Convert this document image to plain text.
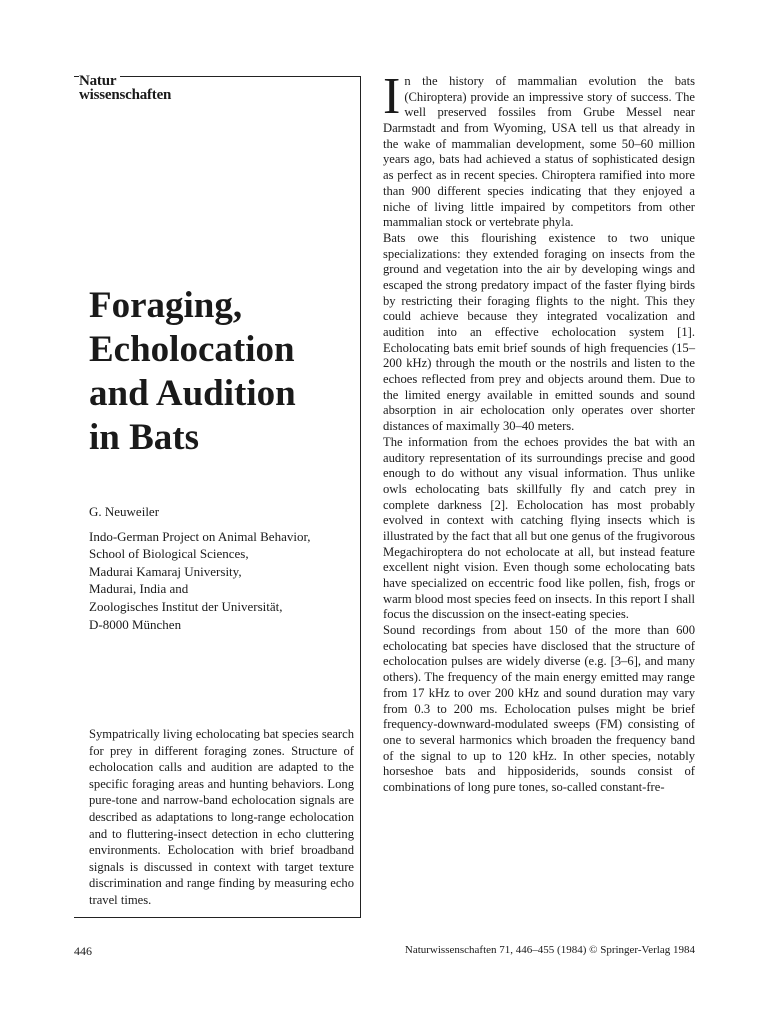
Natur
wissenschaften
Foraging,
Echolocation
and Audition
in Bats
G. Neuweiler
Indo-German Project on Animal Behavior,
School of Biological Sciences,
Madurai Kamaraj University,
Madurai, India and
Zoologisches Institut der Universität,
D-8000 München
Sympatrically living echolocating bat species search for prey in different foraging zones. Structure of echolocation calls and audition are adapted to the specific foraging areas and hunting behaviors. Long pure-tone and narrow-band echolocation signals are described as adaptations to long-range echolocation and to fluttering-insect detection in echo cluttering environments. Echolocation with brief broadband signals is discussed in context with target texture discrimination and range finding by measuring echo travel times.

In the history of mammalian evolution the bats (Chiroptera) provide an impressive story of success. The well preserved fossiles from Grube Messel near Darmstadt and from Wyoming, USA tell us that already in the wake of mammalian development, some 50–60 million years ago, bats had achieved a status of sophisticated design as perfect as in recent species. Chiroptera ramified into more than 900 different species indicating that they enjoyed a niche of living little impaired by competitors from other mammalian stock or vertebrate phyla.

Bats owe this flourishing existence to two unique specializations: they extended foraging on insects from the ground and vegetation into the air by developing wings and escaped the strong predatory impact of the faster flying birds by restricting their foraging flights to the night. This they could achieve because they integrated vocalization and audition into an effective echolocation system [1]. Echolocating bats emit brief sounds of high frequencies (15–200 kHz) through the mouth or the nostrils and listen to the echoes reflected from prey and objects around them. Due to the limited energy available in emitted sounds and sound absorption in air echolocation only operates over shorter distances of maximally 30–40 meters.

The information from the echoes provides the bat with an auditory representation of its surroundings precise and good enough to do without any visual information. Thus unlike owls echolocating bats skillfully fly and catch prey in complete darkness [2]. Echolocation has most probably evolved in context with catching flying insects which is illustrated by the fact that all but one genus of the frugivorous Megachiroptera do not echolocate at all, but instead feature excellent night vision. Even though some echolocating bats have specialized on eccentric food like pollen, fish, frogs or warm blood most species feed on insects. In this report I shall focus the discussion on the insect-eating species.

Sound recordings from about 150 of the more than 600 echolocating bat species have disclosed that the structure of echolocation pulses are widely diverse (e.g. [3–6], and many others). The frequency of the main energy emitted may range from 17 kHz to over 200 kHz and sound duration may vary from 0.3 to 200 ms. Echolocation pulses might be brief frequency-downward-modulated sweeps (FM) consisting of one to several harmonics which broaden the frequency band of the signal to up to 120 kHz. In other species, notably horseshoe bats and hipposiderids, sounds consist of combinations of long pure tones, so-called constant-fre-

446	Naturwissenschaften 71, 446–455 (1984) © Springer-Verlag 1984
